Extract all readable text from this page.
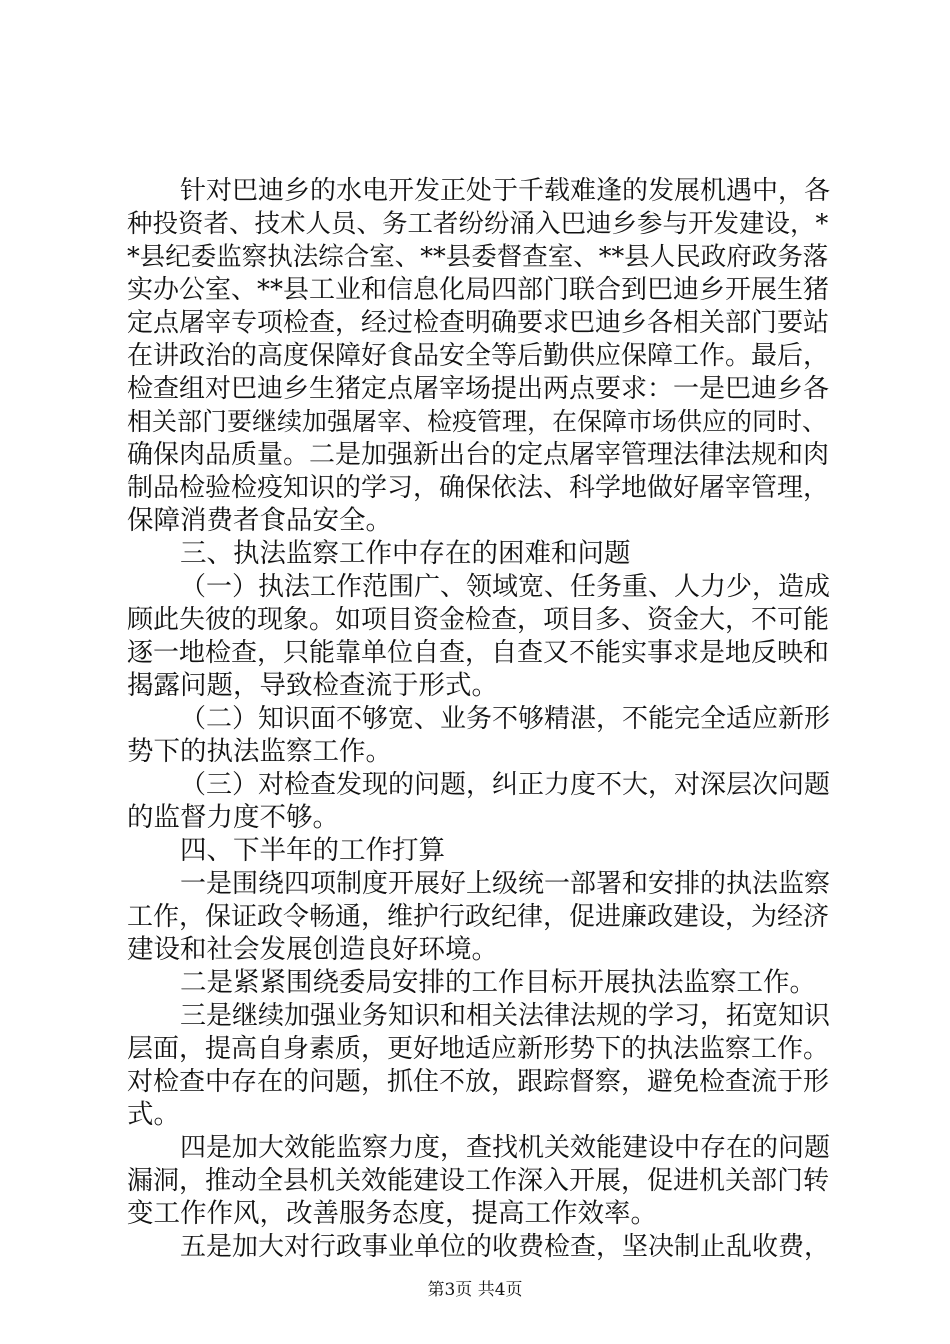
针对巴迪乡的水电开发正处于千载难逢的发展机遇中，各
种投资者、技术人员、务工者纷纷涌入巴迪乡参与开发建设，*
*县纪委监察执法综合室、**县委督查室、**县人民政府政务落
实办公室、**县工业和信息化局四部门联合到巴迪乡开展生猪
定点屠宰专项检查，经过检查明确要求巴迪乡各相关部门要站
在讲政治的高度保障好食品安全等后勤供应保障工作。最后，
检查组对巴迪乡生猪定点屠宰场提出两点要求：一是巴迪乡各
相关部门要继续加强屠宰、检疫管理，在保障市场供应的同时、
确保肉品质量。二是加强新出台的定点屠宰管理法律法规和肉
制品检验检疫知识的学习，确保依法、科学地做好屠宰管理，
保障消费者食品安全。
三、执法监察工作中存在的困难和问题
（一）执法工作范围广、领域宽、任务重、人力少，造成
顾此失彼的现象。如项目资金检查，项目多、资金大，不可能
逐一地检查，只能靠单位自查，自查又不能实事求是地反映和
揭露问题，导致检查流于形式。
（二）知识面不够宽、业务不够精湛，不能完全适应新形
势下的执法监察工作。
（三）对检查发现的问题，纠正力度不大，对深层次问题
的监督力度不够。
四、下半年的工作打算
一是围绕四项制度开展好上级统一部署和安排的执法监察
工作，保证政令畅通，维护行政纪律，促进廉政建设，为经济
建设和社会发展创造良好环境。
二是紧紧围绕委局安排的工作目标开展执法监察工作。
三是继续加强业务知识和相关法律法规的学习，拓宽知识
层面，提高自身素质，更好地适应新形势下的执法监察工作。
对检查中存在的问题，抓住不放，跟踪督察，避免检查流于形
式。
四是加大效能监察力度，查找机关效能建设中存在的问题
漏洞，推动全县机关效能建设工作深入开展，促进机关部门转
变工作作风，改善服务态度，提高工作效率。
五是加大对行政事业单位的收费检查，坚决制止乱收费，
第3页 共4页
